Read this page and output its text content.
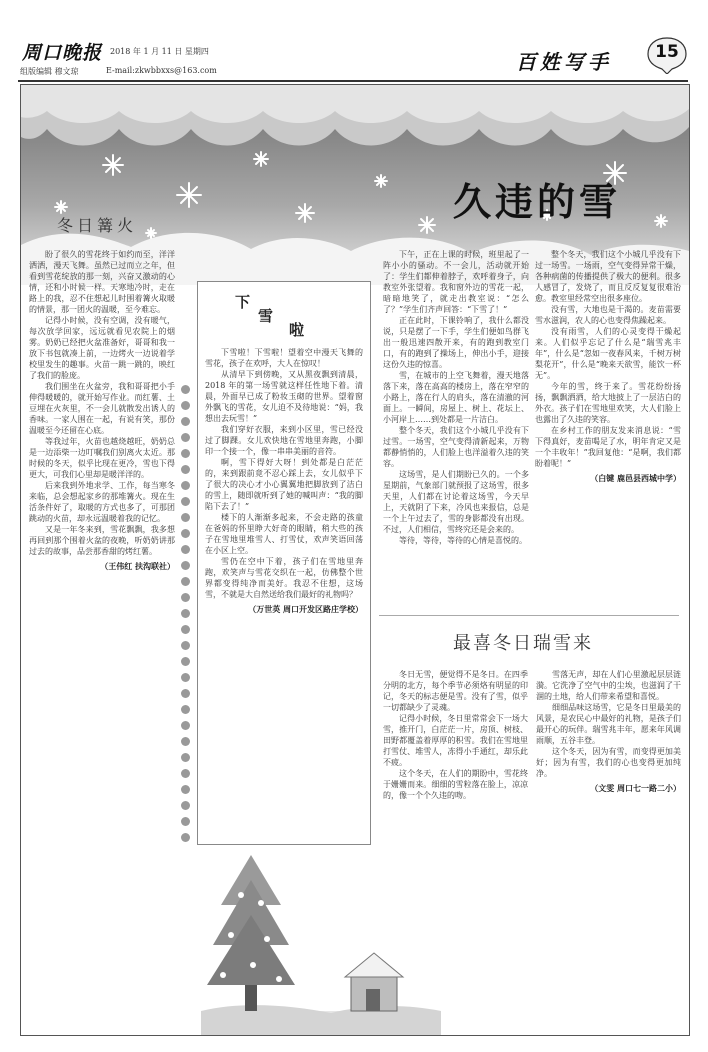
周口晚报 2018 年 1 月 11 日 星期四
组版编辑 穆文琼	E-mail:zkwbbxxs@163.com	百姓写手	15
久违的雪
冬日篝火

盼了很久的雪花终于如约而至，洋洋洒洒，漫天飞舞。虽然已过而立之年，但看到雪花绽放的那一刻，兴奋又激动的心情，还和小时候一样。天寒地冷时，走在路上的我，忍不住想起儿时围着篝火取暖的情景，那一团火的温暖，至今难忘。

记得小时候，没有空调，没有暖气，每次放学回家，远远就看见农院上的烟雾。奶奶已经把火盆准备好，哥哥和我一放下书包就凑上前，一边烤火一边说着学校里发生的趣事。火苗一跳一跳的，映红了我们的脸庞。

我们围坐在火盆旁，我和哥哥把小手伸得暖暖的，就开始写作业。而红薯、土豆埋在火灰里，不一会儿就散发出诱人的香味。一家人围在一起，有说有笑，那份温暖至今还留在心底。

等我过年，火苗也越烧越旺，奶奶总是一边添柴一边叮嘱我们别离火太近。那时候的冬天，似乎比现在更冷，雪也下得更大，可我们心里却是暖洋洋的。

后来我到外地求学、工作，每当寒冬来临，总会想起家乡的那堆篝火。现在生活条件好了，取暖的方式也多了，可那团跳动的火苗，却永远温暖着我的记忆。

又是一年冬来到，雪花飘飘，我多想再回到那个围着火盆的夜晚，听奶奶讲那过去的故事，品尝那香甜的烤红薯。

（王伟红 扶沟联社）
下
雪
啦

下雪啦！下雪啦！望着空中漫天飞舞的雪花，孩子在欢呼，大人在惊叹！

从清早下到傍晚，又从黑夜飘到清晨，2018 年的第一场雪就这样任性地下着。清晨，外面早已成了粉妆玉砌的世界。望着窗外飘飞的雪花，女儿迫不及待地说：“妈，我想出去玩雪！”

我们穿好衣服，来到小区里，雪已经没过了脚踝。女儿欢快地在雪地里奔跑，小脚印一个接一个，像一串串美丽的音符。

啊，雪下得好大呀！到处都是白茫茫的，来到跟前竟不忍心踩上去，女儿似乎下了很大的决心才小心翼翼地把脚放到了洁白的雪上，随即就听到了她的喊叫声：“我的脚陷下去了！”

楼下的人渐渐多起来，不会走路的孩童在爸妈的怀里睁大好奇的眼睛，稍大些的孩子在雪地里堆雪人、打雪仗，欢声笑语回荡在小区上空。

雪仍在空中下着，孩子们在雪地里奔跑，欢笑声与雪花交织在一起，仿佛整个世界都变得纯净而美好。我忍不住想，这场雪，不就是大自然送给我们最好的礼物吗？

（万世英 周口开发区路庄学校）

下午，正在上课的时候，班里起了一阵小小的骚动。不一会儿，活动就开始了：学生们都伸着脖子，欢呼着身子，向教室外张望着。我和窗外边的雪花一起，暗暗地笑了，就走出教室说：“怎么了？”学生们齐声回答：“下雪了！”

正在此时，下课铃响了，我什么都没说，只是摆了一下手，学生们便如鸟群飞出一般迅速四散开来，有的跑到教室门口，有的跑到了操场上，伸出小手，迎接这份久违的惊喜。

雪，在城市的上空飞舞着，漫天地落落下来，落在高高的楼房上，落在窄窄的小路上，落在行人的肩头，落在清澈的河面上。一瞬间，房屋上、树上、花坛上、小河岸上……到处都是一片洁白。

整个冬天，我们这个小城几乎没有下过雪。一场雪，空气变得清新起来，万物都静悄悄的，人们脸上也洋溢着久违的笑容。

这场雪，是人们期盼已久的。一个多星期前，气象部门就预报了这场雪，很多天里，人们都在讨论着这场雪，今天早上，天就阴了下来，冷风也来报信，总是一个上午过去了，雪的身影都没有出现。不过，人们相信，雪终究还是会来的。

等待，等待，等待的心情是喜悦的。

整个冬天，我们这个小城几乎没有下过一场雪。一场雨，空气变得异常干燥，各种病菌的传播提供了极大的便利。很多人感冒了，发烧了，而且反反复复很难治愈。教室里经常空出很多座位。

没有雪，大地也是干渴的。麦苗需要雪水滋润，农人的心也变得焦躁起来。

没有雨雪，人们的心灵变得干燥起来。人们似乎忘记了什么是“瑞雪兆丰年”，什么是“忽如一夜春风来，千树万树梨花开”，什么是“晚来天欲雪，能饮一杯无”。

今年的雪，终于来了。雪花纷纷扬扬，飘飘洒洒，给大地披上了一层洁白的外衣。孩子们在雪地里欢笑，大人们脸上也露出了久违的笑容。

在乡村工作的朋友发来消息说：“雪下得真好，麦苗喝足了水，明年肯定又是一个丰收年！”我回复他：“是啊，我们都盼着呢！”

（白键 鹿邑县西城中学）
最喜冬日瑞雪来

冬日无雪，便觉得不是冬日。在四季分明的北方，每个季节必须烙有明显的印记，冬天的标志便是雪。没有了雪，似乎一切都缺少了灵魂。

记得小时候，冬日里常常会下一场大雪，推开门，白茫茫一片，房顶、树枝、田野都覆盖着厚厚的积雪。我们在雪地里打雪仗、堆雪人，冻得小手通红，却乐此不疲。

这个冬天，在人们的期盼中，雪花终于姗姗而来。细细的雪粒落在脸上，凉凉的，像一个个久违的吻。

雪落无声，却在人们心里激起层层涟漪。它洗净了空气中的尘埃，也滋润了干涸的土地，给人们带来希望和喜悦。

细细品味这场雪，它是冬日里最美的风景，是农民心中最好的礼物，是孩子们最开心的玩伴。瑞雪兆丰年，愿来年风调雨顺，五谷丰登。

这个冬天，因为有雪，而变得更加美好；因为有雪，我们的心也变得更加纯净。

（文雯 周口七一路二小）
